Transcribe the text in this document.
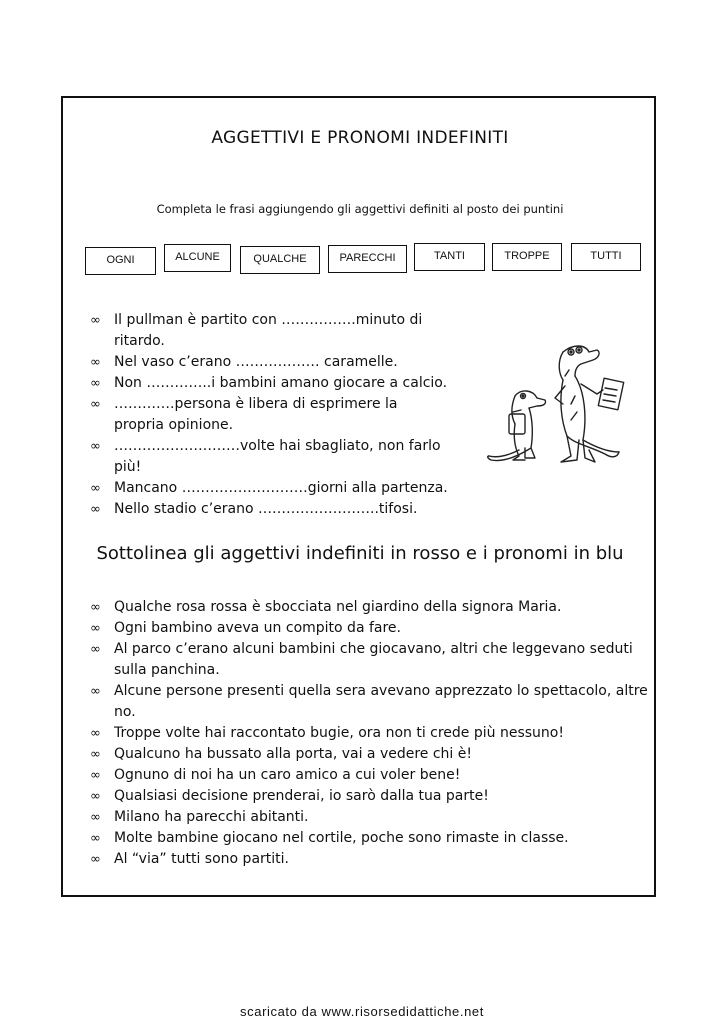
AGGETTIVI E PRONOMI INDEFINITI
Completa le frasi aggiungendo gli aggettivi definiti al posto dei puntini
OGNI	ALCUNE	QUALCHE	PARECCHI	TANTI	TROPPE	TUTTI
∞ Il pullman è partito con …………….minuto di ritardo.
∞ Nel vaso c’erano ……………… caramelle.
∞ Non …………..i bambini amano giocare a calcio.
∞ ………….persona è libera di esprimere la propria opinione.
∞ ………………………volte hai sbagliato, non farlo più!
∞ Mancano ………………………giorni alla partenza.
∞ Nello stadio c’erano ……………………..tifosi.
Sottolinea gli aggettivi indefiniti in rosso e i pronomi in blu
∞ Qualche rosa rossa è sbocciata nel giardino della signora Maria.
∞ Ogni bambino aveva un compito da fare.
∞ Al parco c’erano alcuni bambini che giocavano, altri che leggevano seduti sulla panchina.
∞ Alcune persone presenti quella sera avevano apprezzato lo spettacolo, altre no.
∞ Troppe volte hai raccontato bugie, ora non ti crede più nessuno!
∞ Qualcuno ha bussato alla porta, vai a vedere chi è!
∞ Ognuno di noi ha un caro amico a cui voler bene!
∞ Qualsiasi decisione prenderai, io sarò dalla tua parte!
∞ Milano ha parecchi abitanti.
∞ Molte bambine giocano nel cortile, poche sono rimaste in classe.
∞ Al “via” tutti sono partiti.
scaricato da www.risorsedidattiche.net
